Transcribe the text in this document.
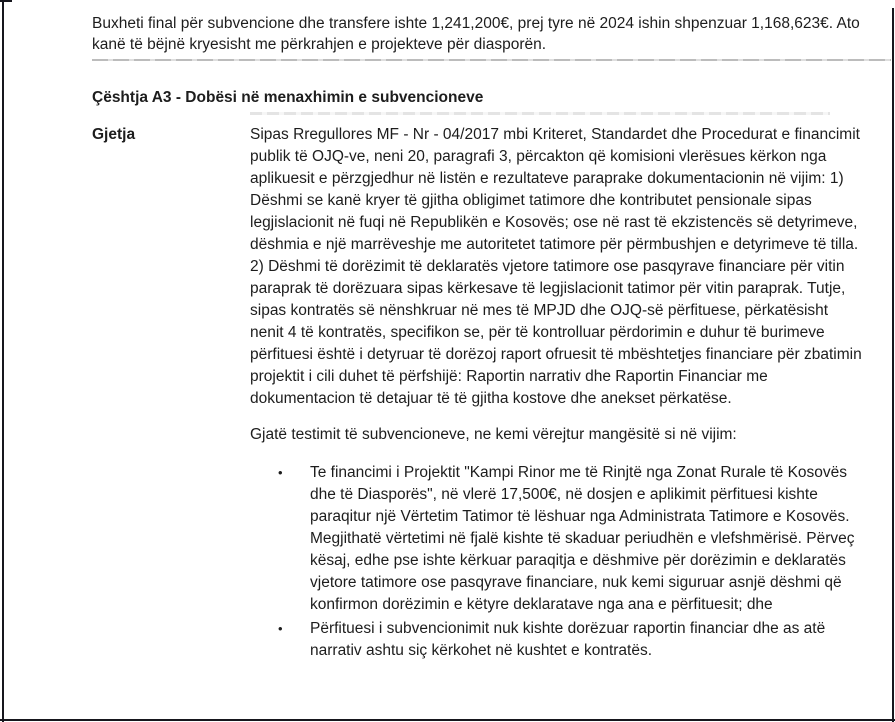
Buxheti final për subvencione dhe transfere ishte 1,241,200€, prej tyre në 2024 ishin shpenzuar 1,168,623€. Ato kanë të bëjnë kryesisht me përkrahjen e projekteve për diasporën.

Çështja A3 - Dobësi në menaxhimin e subvencioneve
Gjetja	Sipas Rregullores MF - Nr - 04/2017 mbi Kriteret, Standardet dhe Procedurat e financimit publik të OJQ-ve, neni 20, paragrafi 3, përcakton që komisioni vlerësues kërkon nga aplikuesit e përzgjedhur në listën e rezultateve paraprake dokumentacionin në vijim: 1) Dëshmi se kanë kryer të gjitha obligimet tatimore dhe kontributet pensionale sipas legjislacionit në fuqi në Republikën e Kosovës; ose në rast të ekzistencës së detyrimeve, dëshmia e një marrëveshje me autoritetet tatimore për përmbushjen e detyrimeve të tilla. 2) Dëshmi të dorëzimit të deklaratës vjetore tatimore ose pasqyrave financiare për vitin paraprak të dorëzuara sipas kërkesave të legjislacionit tatimor për vitin paraprak. Tutje, sipas kontratës së nënshkruar në mes të MPJD dhe OJQ-së përfituese, përkatësisht nenit 4 të kontratës, specifikon se, për të kontrolluar përdorimin e duhur të burimeve përfituesi është i detyruar të dorëzoj raport ofruesit të mbështetjes financiare për zbatimin projektit i cili duhet të përfshijë: Raportin narrativ dhe Raportin Financiar me dokumentacion të detajuar të të gjitha kostove dhe anekset përkatëse.

Gjatë testimit të subvencioneve, ne kemi vërejtur mangësitë si në vijim:

•	Te financimi i Projektit "Kampi Rinor me të Rinjtë nga Zonat Rurale të Kosovës dhe të Diasporës", në vlerë 17,500€, në dosjen e aplikimit përfituesi kishte paraqitur një Vërtetim Tatimor të lëshuar nga Administrata Tatimore e Kosovës. Megjithatë vërtetimi në fjalë kishte të skaduar periudhën e vlefshmërisë. Përveç kësaj, edhe pse ishte kërkuar paraqitja e dëshmive për dorëzimin e deklaratës vjetore tatimore ose pasqyrave financiare, nuk kemi siguruar asnjë dëshmi që konfirmon dorëzimin e këtyre deklaratave nga ana e përfituesit; dhe
•	Përfituesi i subvencionimit nuk kishte dorëzuar raportin financiar dhe as atë narrativ ashtu siç kërkohet në kushtet e kontratës.
